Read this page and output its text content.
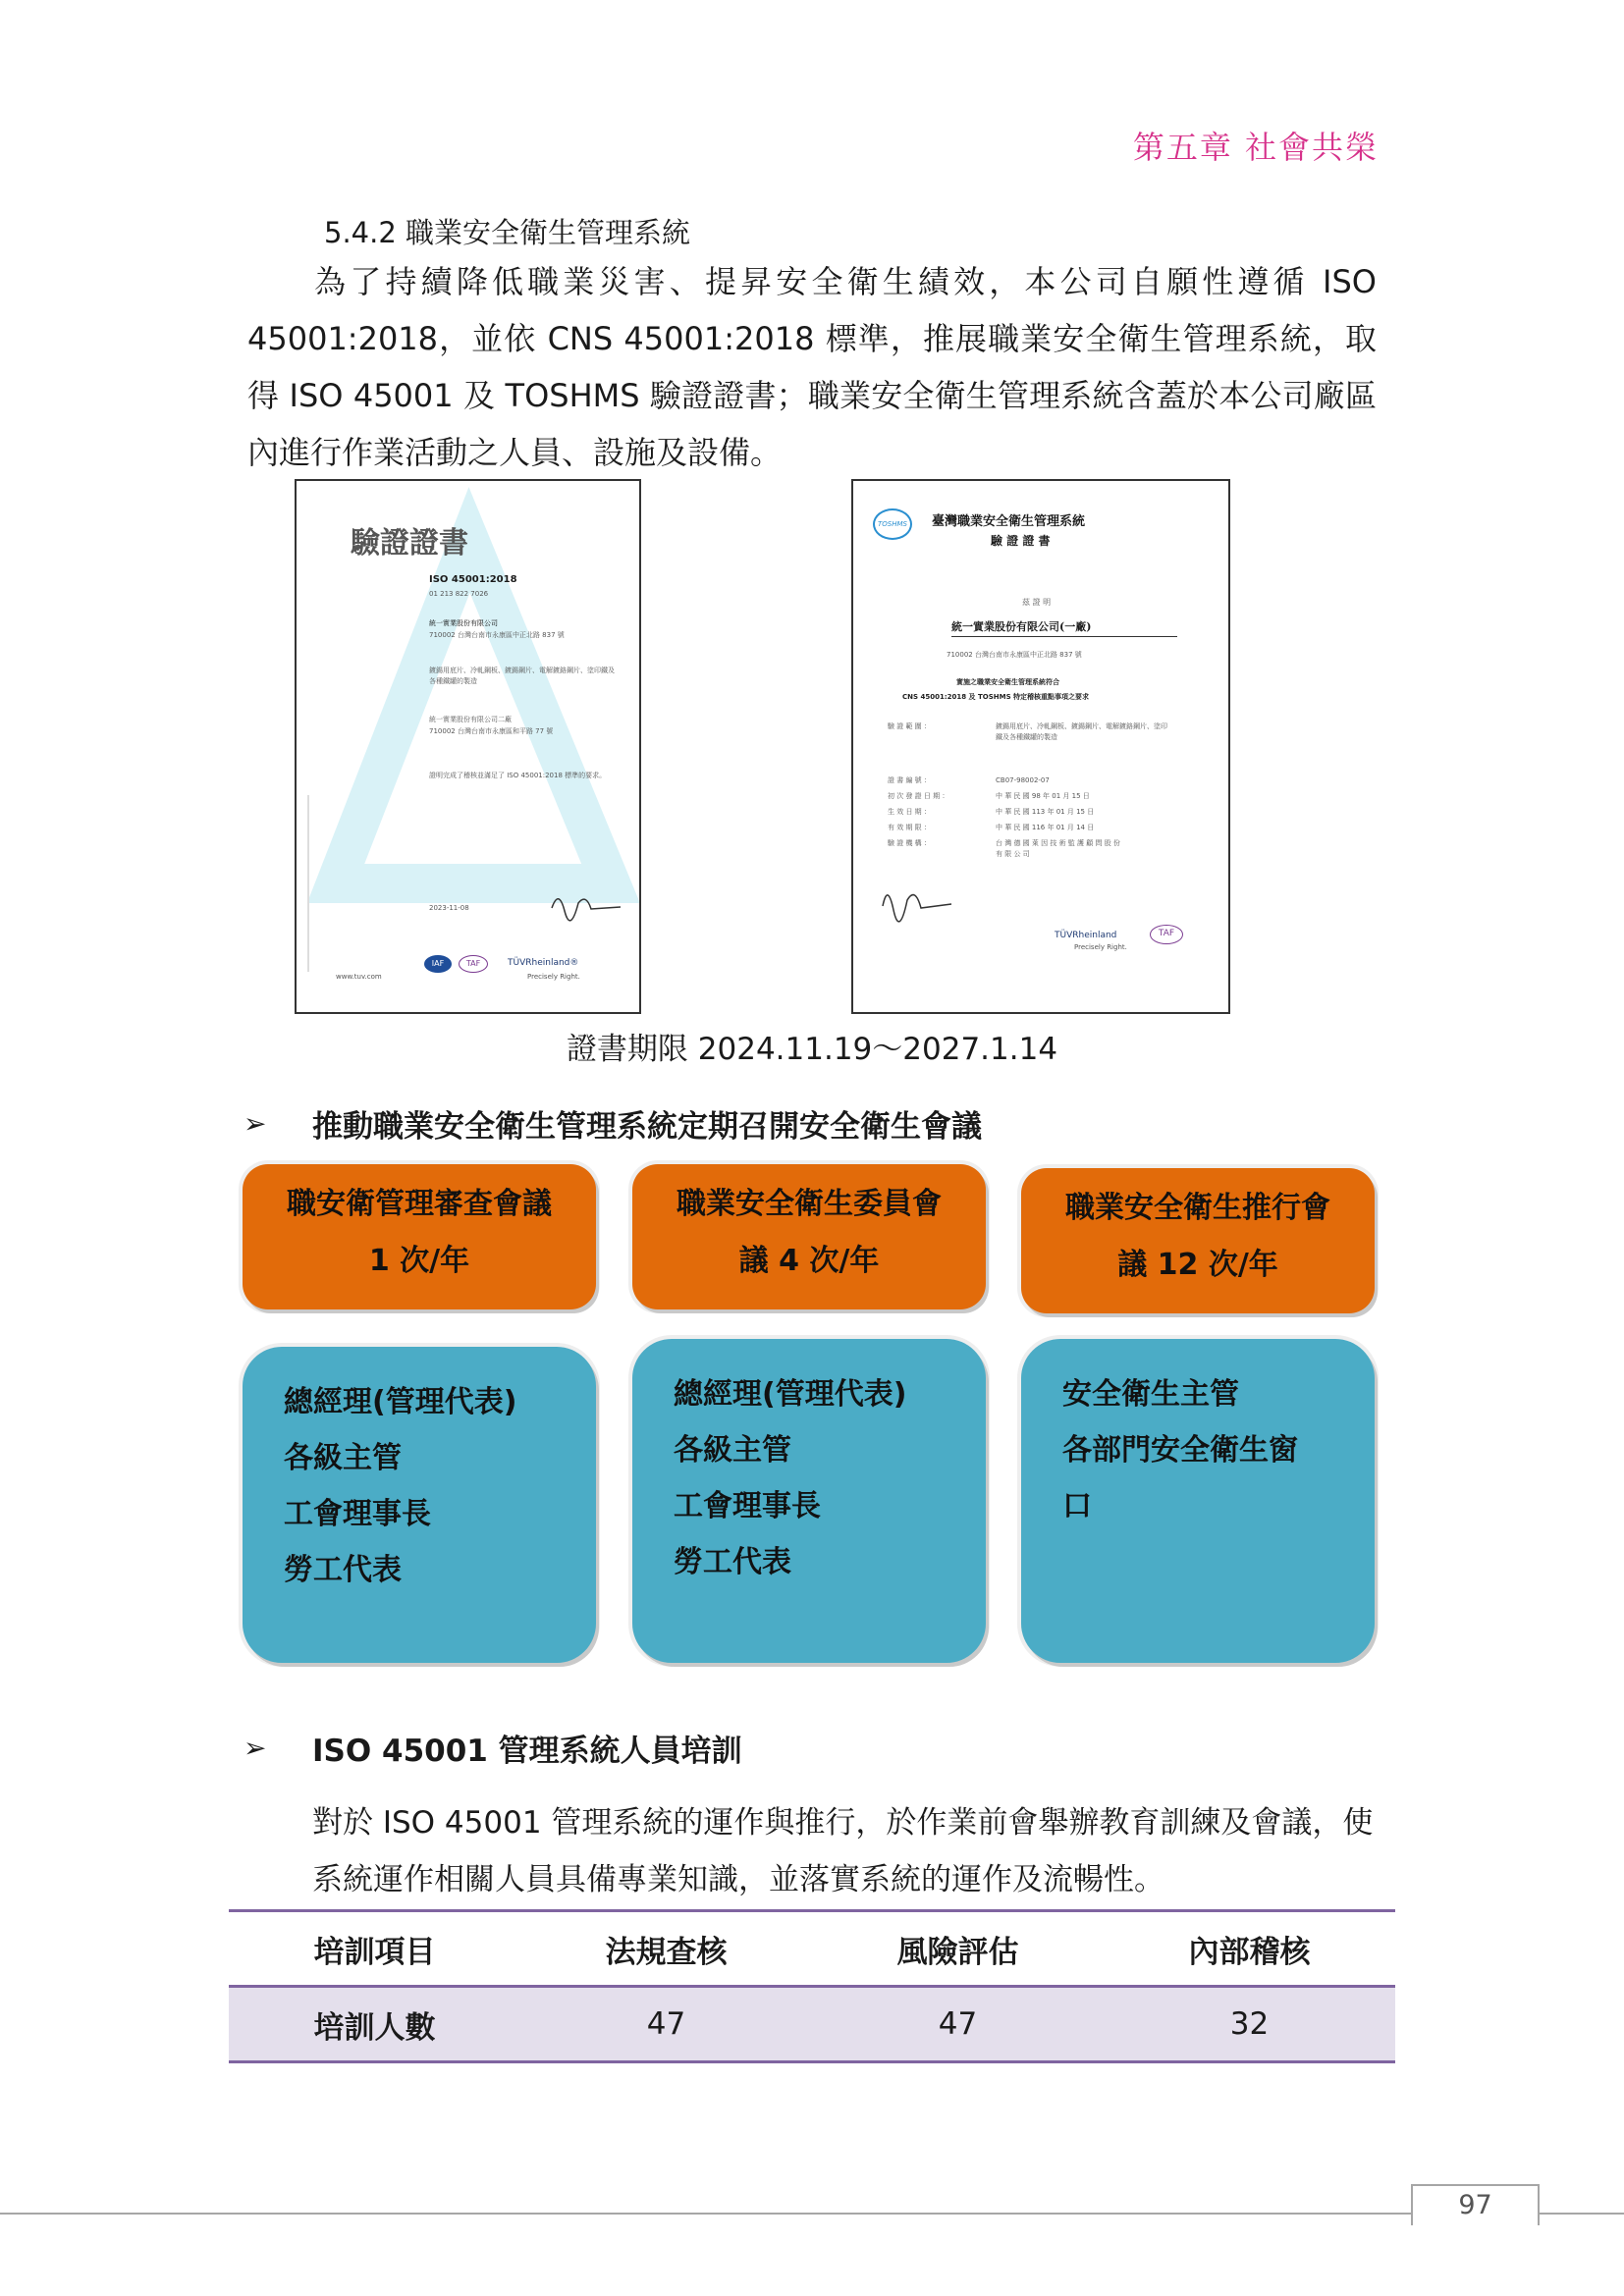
第五章 社會共榮
5.4.2 職業安全衛生管理系統
為了持續降低職業災害、提昇安全衛生績效，本公司自願性遵循 ISO 45001:2018，並依 CNS 45001:2018 標準，推展職業安全衛生管理系統，取得 ISO 45001 及 TOSHMS 驗證證書；職業安全衛生管理系統含蓋於本公司廠區內進行作業活動之人員、設施及設備。
驗證證書
ISO 45001:2018
01 213 822 7026
統一實業股份有限公司
710002 台灣台南市永康區中正北路 837 號
鍍錫用底片、冷軋鋼板、鍍錫鋼片、電解鍍鉻鋼片、塗印鐵及各種鐵罐的製造
統一實業股份有限公司二廠
710002 台灣台南市永康區和平路 77 號
證明完成了稽核並滿足了 ISO 45001:2018 標準的要求。
2023-11-08
www.tuv.com
IAF	TAF	TÜVRheinland®
Precisely Right.
TOSHMS	臺灣職業安全衛生管理系統
驗 證 證 書
茲 證 明
統一實業股份有限公司(一廠)
710002 台灣台南市永康區中正北路 837 號
實施之職業安全衛生管理系統符合
CNS 45001:2018 及 TOSHMS 特定稽核重點事項之要求
驗 證 範 圍 ：	鍍錫用底片、冷軋鋼板、鍍錫鋼片、電解鍍鉻鋼片、塗印鐵及各種鐵罐的製造
證 書 編 號 ：	CB07-98002-07
初 次 發 證 日 期 ：	中 華 民 國 98 年 01 月 15 日
生 效 日 期 ：	中 華 民 國 113 年 01 月 15 日
有 效 期 限 ：	中 華 民 國 116 年 01 月 14 日
驗 證 機 構 ：	台 灣 德 國 萊 因 技 術 監 護 顧 問 股 份 有 限 公 司
TÜVRheinland
Precisely Right.
TAF
證書期限 2024.11.19～2027.1.14
➢	推動職業安全衛生管理系統定期召開安全衛生會議
職安衛管理審查會議
1 次/年
職業安全衛生委員會
議 4 次/年
職業安全衛生推行會
議 12 次/年
總經理(管理代表)
各級主管
工會理事長
勞工代表
總經理(管理代表)
各級主管
工會理事長
勞工代表
安全衛生主管
各部門安全衛生窗
口
➢	ISO 45001 管理系統人員培訓
對於 ISO 45001 管理系統的運作與推行，於作業前會舉辦教育訓練及會議，使系統運作相關人員具備專業知識，並落實系統的運作及流暢性。
培訓項目	法規查核	風險評估	內部稽核
培訓人數	47	47	32
97
